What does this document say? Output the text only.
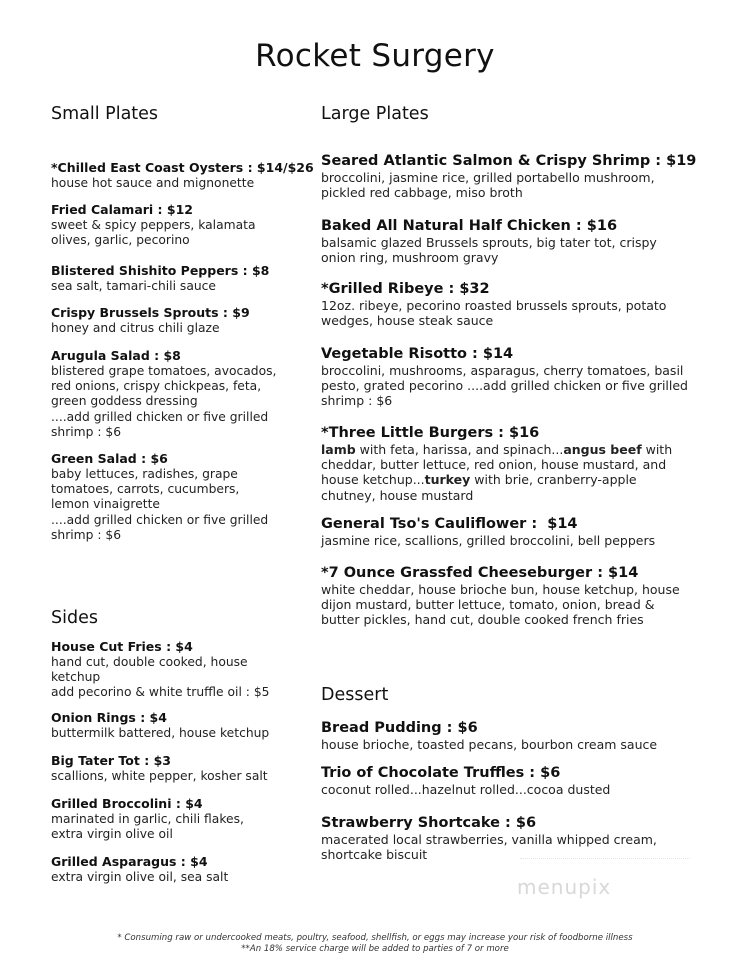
Rocket Surgery
Small Plates
*Chilled East Coast Oysters : $14/$26
house hot sauce and mignonette
Fried Calamari : $12
sweet & spicy peppers, kalamata olives, garlic, pecorino
Blistered Shishito Peppers : $8
sea salt, tamari-chili sauce
Crispy Brussels Sprouts : $9
honey and citrus chili glaze
Arugula Salad : $8
blistered grape tomatoes, avocados, red onions, crispy chickpeas, feta, green goddess dressing
....add grilled chicken or five grilled shrimp : $6
Green Salad : $6
baby lettuces, radishes, grape tomatoes, carrots, cucumbers, lemon vinaigrette
....add grilled chicken or five grilled shrimp : $6
Sides
House Cut Fries : $4
hand cut, double cooked, house ketchup
add pecorino & white truffle oil : $5
Onion Rings : $4
buttermilk battered, house ketchup
Big Tater Tot : $3
scallions, white pepper, kosher salt
Grilled Broccolini : $4
marinated in garlic, chili flakes, extra virgin olive oil
Grilled Asparagus : $4
extra virgin olive oil, sea salt
Large Plates
Seared Atlantic Salmon & Crispy Shrimp : $19
broccolini, jasmine rice, grilled portabello mushroom, pickled red cabbage, miso broth
Baked All Natural Half Chicken : $16
balsamic glazed Brussels sprouts, big tater tot, crispy onion ring, mushroom gravy
*Grilled Ribeye : $32
12oz. ribeye, pecorino roasted brussels sprouts, potato wedges, house steak sauce
Vegetable Risotto : $14
broccolini, mushrooms, asparagus, cherry tomatoes, basil pesto, grated pecorino ....add grilled chicken or five grilled shrimp : $6
*Three Little Burgers : $16
lamb with feta, harissa, and spinach...angus beef with cheddar, butter lettuce, red onion, house mustard, and house ketchup...turkey with brie, cranberry-apple chutney, house mustard
General Tso's Cauliflower :  $14
jasmine rice, scallions, grilled broccolini, bell peppers
*7 Ounce Grassfed Cheeseburger : $14
white cheddar, house brioche bun, house ketchup, house dijon mustard, butter lettuce, tomato, onion, bread & butter pickles, hand cut, double cooked french fries
Dessert
Bread Pudding : $6
house brioche, toasted pecans, bourbon cream sauce
Trio of Chocolate Truffles : $6
coconut rolled...hazelnut rolled...cocoa dusted
Strawberry Shortcake : $6
macerated local strawberries, vanilla whipped cream, shortcake biscuit
menupix
* Consuming raw or undercooked meats, poultry, seafood, shellfish, or eggs may increase your risk of foodborne illness
**An 18% service charge will be added to parties of 7 or more
